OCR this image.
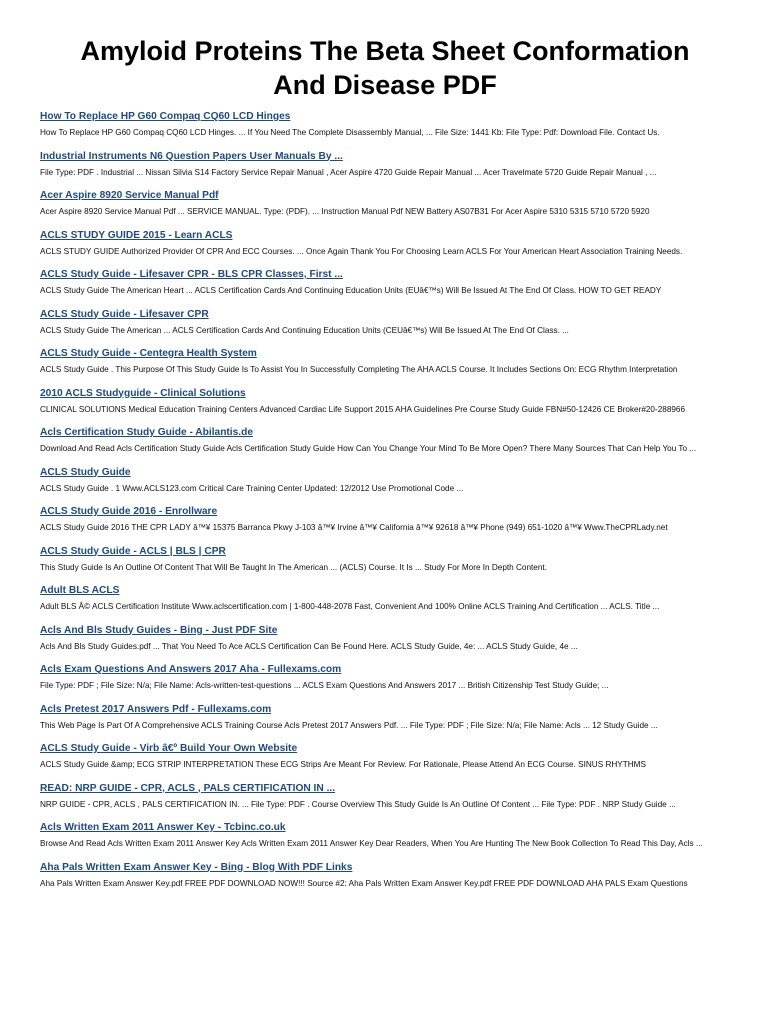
Amyloid Proteins The Beta Sheet Conformation And Disease PDF
How To Replace HP G60 Compaq CQ60 LCD Hinges

How To Replace HP G60 Compaq CQ60 LCD Hinges. ... If You Need The Complete Disassembly Manual, ... File Size: 1441 Kb: File Type: Pdf: Download File. Contact Us.

Industrial Instruments N6 Question Papers User Manuals By ...

File Type: PDF . Industrial ... Nissan Silvia S14 Factory Service Repair Manual , Acer Aspire 4720 Guide Repair Manual ... Acer Travelmate 5720 Guide Repair Manual , ...

Acer Aspire 8920 Service Manual Pdf

Acer Aspire 8920 Service Manual Pdf ... SERVICE MANUAL. Type: (PDF). ... Instruction Manual Pdf NEW Battery AS07B31 For Acer Aspire 5310 5315 5710 5720 5920

ACLS STUDY GUIDE 2015 - Learn ACLS

ACLS STUDY GUIDE Authorized Provider Of CPR And ECC Courses. ... Once Again Thank You For Choosing Learn ACLS For Your American Heart Association Training Needs.

ACLS Study Guide - Lifesaver CPR - BLS CPR Classes, First ...

ACLS Study Guide The American Heart ... ACLS Certification Cards And Continuing Education Units (EUâ€™s) Will Be Issued At The End Of Class. HOW TO GET READY

ACLS Study Guide - Lifesaver CPR

ACLS Study Guide The American ... ACLS Certification Cards And Continuing Education Units (CEUâ€™s) Will Be Issued At The End Of Class. ...

ACLS Study Guide - Centegra Health System

ACLS Study Guide . This Purpose Of This Study Guide Is To Assist You In Successfully Completing The AHA ACLS Course. It Includes Sections On: ECG Rhythm Interpretation

2010 ACLS Studyguide - Clinical Solutions

CLINICAL SOLUTIONS Medical Education Training Centers Advanced Cardiac Life Support 2015 AHA Guidelines Pre Course Study Guide FBN#50-12426 CE Broker#20-288966

Acls Certification Study Guide - Abilantis.de

Download And Read Acls Certification Study Guide Acls Certification Study Guide How Can You Change Your Mind To Be More Open? There Many Sources That Can Help You To ...

ACLS Study Guide

ACLS Study Guide . 1 Www.ACLS123.com Critical Care Training Center Updated: 12/2012 Use Promotional Code ...

ACLS Study Guide 2016 - Enrollware

ACLS Study Guide 2016 THE CPR LADY â™¥ 15375 Barranca Pkwy J-103 â™¥ Irvine â™¥ California â™¥ 92618 â™¥ Phone (949) 651-1020 â™¥ Www.TheCPRLady.net

ACLS Study Guide - ACLS | BLS | CPR

This Study Guide Is An Outline Of Content That Will Be Taught In The American ... (ACLS) Course. It Is ... Study For More In Depth Content.

Adult BLS ACLS

Adult BLS Â© ACLS Certification Institute Www.aclscertification.com | 1-800-448-2078 Fast, Convenient And 100% Online ACLS Training And Certification ... ACLS. Title ...

Acls And Bls Study Guides - Bing - Just PDF Site

Acls And Bls Study Guides.pdf ... That You Need To Ace ACLS Certification Can Be Found Here. ACLS Study Guide, 4e: ... ACLS Study Guide, 4e ...

Acls Exam Questions And Answers 2017 Aha - Fullexams.com

File Type: PDF ; File Size: N/a; File Name: Acls-written-test-questions ... ACLS Exam Questions And Answers 2017 ... British Citizenship Test Study Guide; ...

Acls Pretest 2017 Answers Pdf - Fullexams.com

This Web Page Is Part Of A Comprehensive ACLS Training Course Acls Pretest 2017 Answers Pdf. ... File Type: PDF ; File Size: N/a; File Name: Acls ... 12 Study Guide ...

ACLS Study Guide - Virb â€º Build Your Own Website

ACLS Study Guide &amp; ECG STRIP INTERPRETATION These ECG Strips Are Meant For Review. For Rationale, Please Attend An ECG Course. SINUS RHYTHMS

READ: NRP GUIDE - CPR, ACLS , PALS CERTIFICATION IN ...

NRP GUIDE - CPR, ACLS , PALS CERTIFICATION IN. ... File Type: PDF . Course Overview This Study Guide Is An Outline Of Content ... File Type: PDF . NRP Study Guide ...

Acls Written Exam 2011 Answer Key - Tcbinc.co.uk

Browse And Read Acls Written Exam 2011 Answer Key Acls Written Exam 2011 Answer Key Dear Readers, When You Are Hunting The New Book Collection To Read This Day, Acls ...

Aha Pals Written Exam Answer Key - Bing - Blog With PDF Links

Aha Pals Written Exam Answer Key.pdf FREE PDF DOWNLOAD NOW!!! Source #2: Aha Pals Written Exam Answer Key.pdf FREE PDF DOWNLOAD AHA PALS Exam Questions
